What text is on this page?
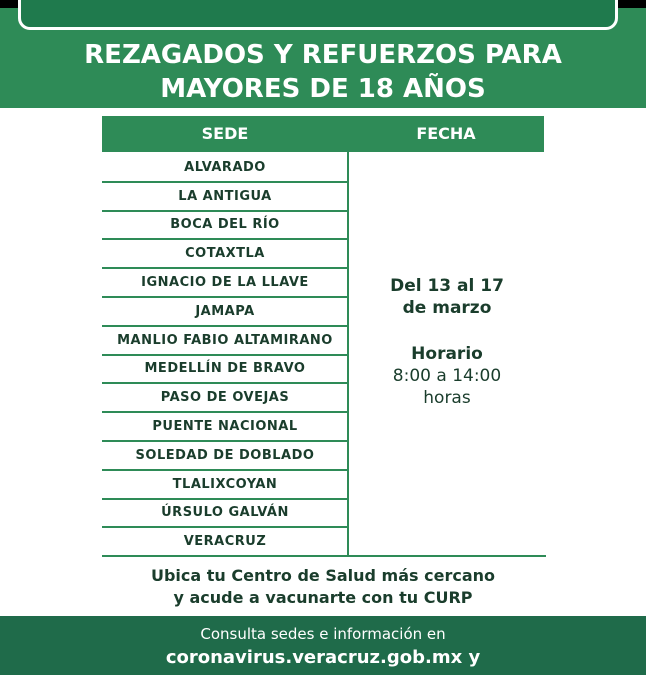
REZAGADOS Y REFUERZOS PARA
MAYORES DE 18 AÑOS
SEDE	FECHA
ALVARADO
LA ANTIGUA
BOCA DEL RÍO
COTAXTLA
IGNACIO DE LA LLAVE
JAMAPA
MANLIO FABIO ALTAMIRANO
MEDELLÍN DE BRAVO
PASO DE OVEJAS
PUENTE NACIONAL
SOLEDAD DE DOBLADO
TLALIXCOYAN
ÚRSULO GALVÁN
VERACRUZ
Del 13 al 17
de marzo
Horario
8:00 a 14:00
horas
Ubica tu Centro de Salud más cercano
y acude a vacunarte con tu CURP
Consulta sedes e información en
coronavirus.veracruz.gob.mx y
